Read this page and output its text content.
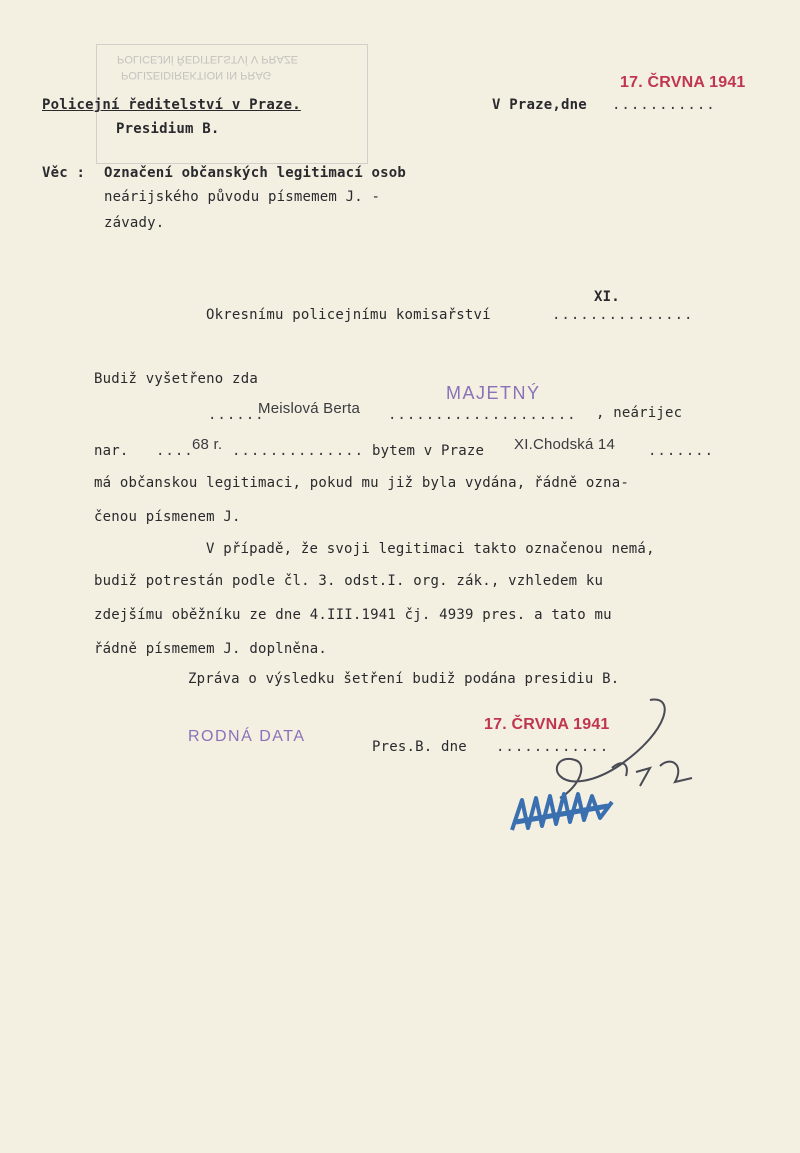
POLICEJNÍ ŘEDITELSTVÍ V PRAZE
POLIZEIDIREKTION IN PRAG
Policejní ředitelství v Praze.
Presidium B.
V Praze,dne ...........
17. ČRVNA 1941
Věc : Označení občanských legitimací osob
neárijského původu písmemem J. -
závady.
Okresnímu policejnímu komisařství	...............
XI.
Budiž vyšetřeno zda
MAJETNÝ
......
Meislová Berta .................... , neárijec
nar. ....
68 r. .............. bytem v Praze XI.Chodská 14 .......
má občanskou legitimaci, pokud mu již byla vydána, řádně ozna-
čenou písmenem J.
V případě, že svoji legitimaci takto označenou nemá,
budiž potrestán podle čl. 3. odst.I. org. zák., vzhledem ku
zdejšímu oběžníku ze dne 4.III.1941 čj. 4939 pres. a tato mu
řádně písmemem J. doplněna.
Zpráva o výsledku šetření budiž podána presidiu B.
RODNÁ DATA
Pres.B. dne ............
17. ČRVNA 1941
